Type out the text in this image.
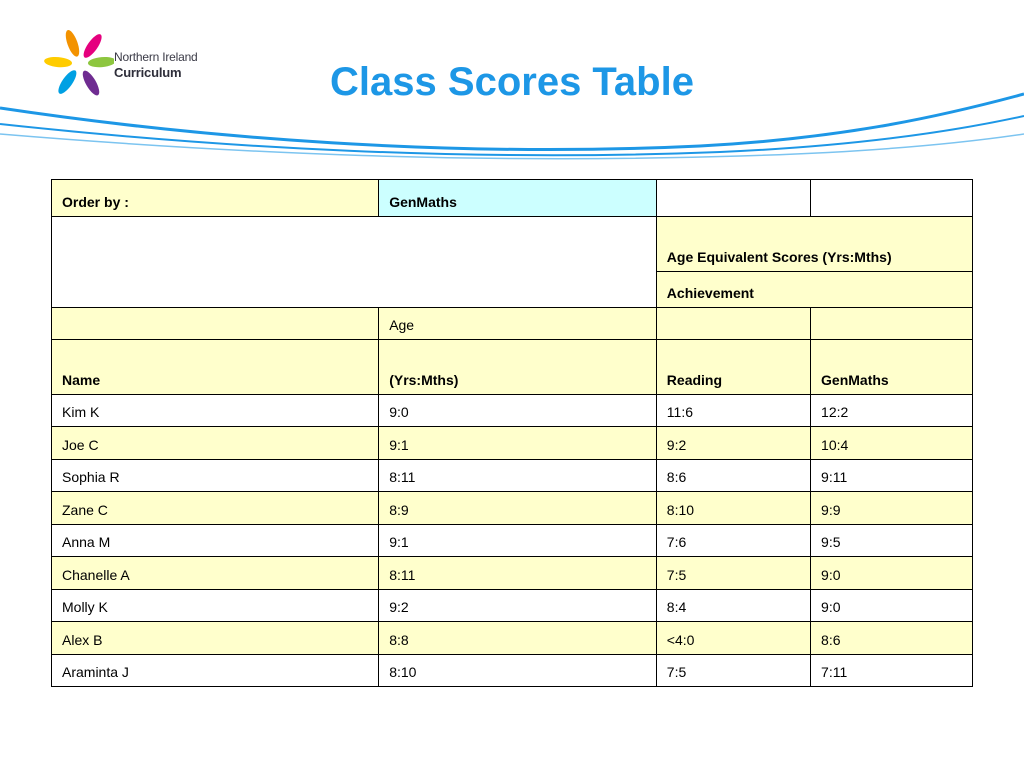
Northern Ireland
Curriculum	Class Scores Table
Order by :	GenMaths		
		Age Equivalent Scores (Yrs:Mths)	
		Achievement	
	Age		
Name	(Yrs:Mths)	Reading	GenMaths
Kim K	9:0	11:6	12:2
Joe C	9:1	9:2	10:4
Sophia R	8:11	8:6	9:11
Zane C	8:9	8:10	9:9
Anna M	9:1	7:6	9:5
Chanelle A	8:11	7:5	9:0
Molly K	9:2	8:4	9:0
Alex B	8:8	<4:0	8:6
Araminta J	8:10	7:5	7:11
